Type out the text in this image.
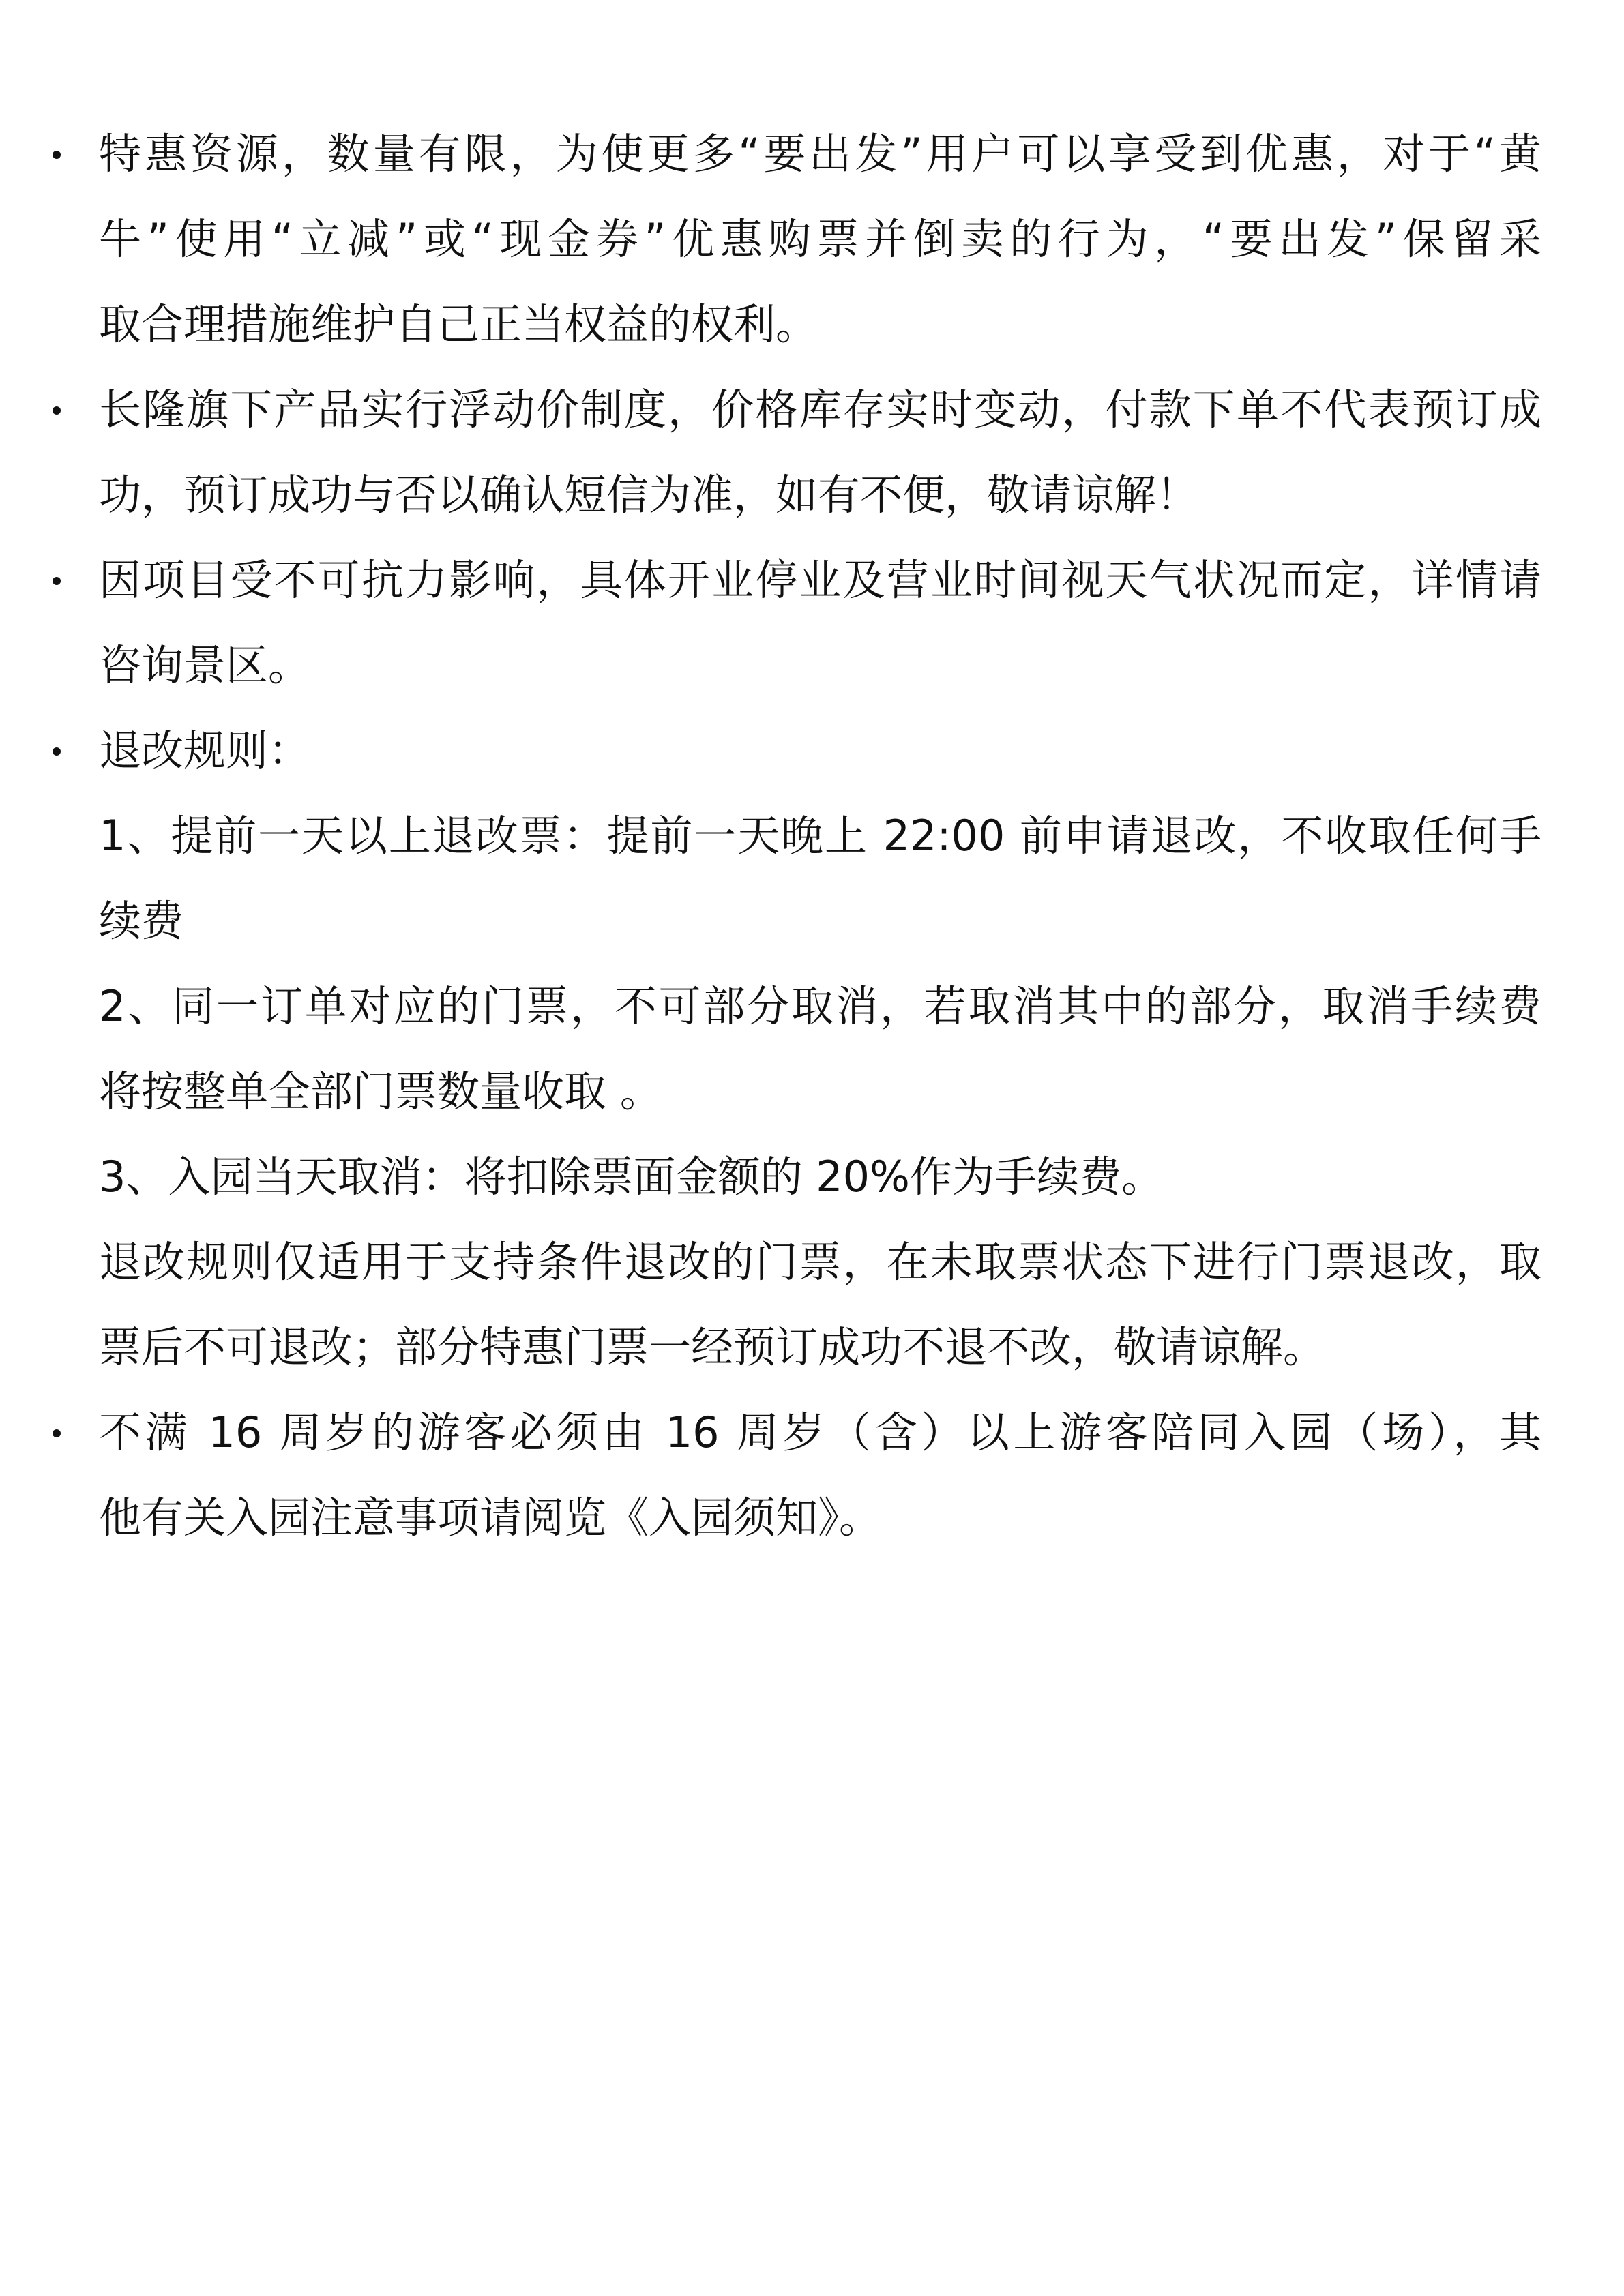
特惠资源，数量有限，为使更多“要出发”用户可以享受到优惠，对于“黄
牛”使用“立减”或“现金券”优惠购票并倒卖的行为，“要出发”保留采
取合理措施维护自己正当权益的权利。
长隆旗下产品实行浮动价制度，价格库存实时变动，付款下单不代表预订成
功，预订成功与否以确认短信为准，如有不便，敬请谅解！
因项目受不可抗力影响，具体开业停业及营业时间视天气状况而定，详情请
咨询景区。
退改规则：
1、提前一天以上退改票：提前一天晚上 22:00 前申请退改，不收取任何手
续费
2、同一订单对应的门票，不可部分取消，若取消其中的部分，取消手续费
将按整单全部门票数量收取 。
3、入园当天取消：将扣除票面金额的 20%作为手续费。
退改规则仅适用于支持条件退改的门票，在未取票状态下进行门票退改，取
票后不可退改；部分特惠门票一经预订成功不退不改，敬请谅解。
不满 16 周岁的游客必须由 16 周岁（含）以上游客陪同入园（场），其
他有关入园注意事项请阅览《入园须知》。
